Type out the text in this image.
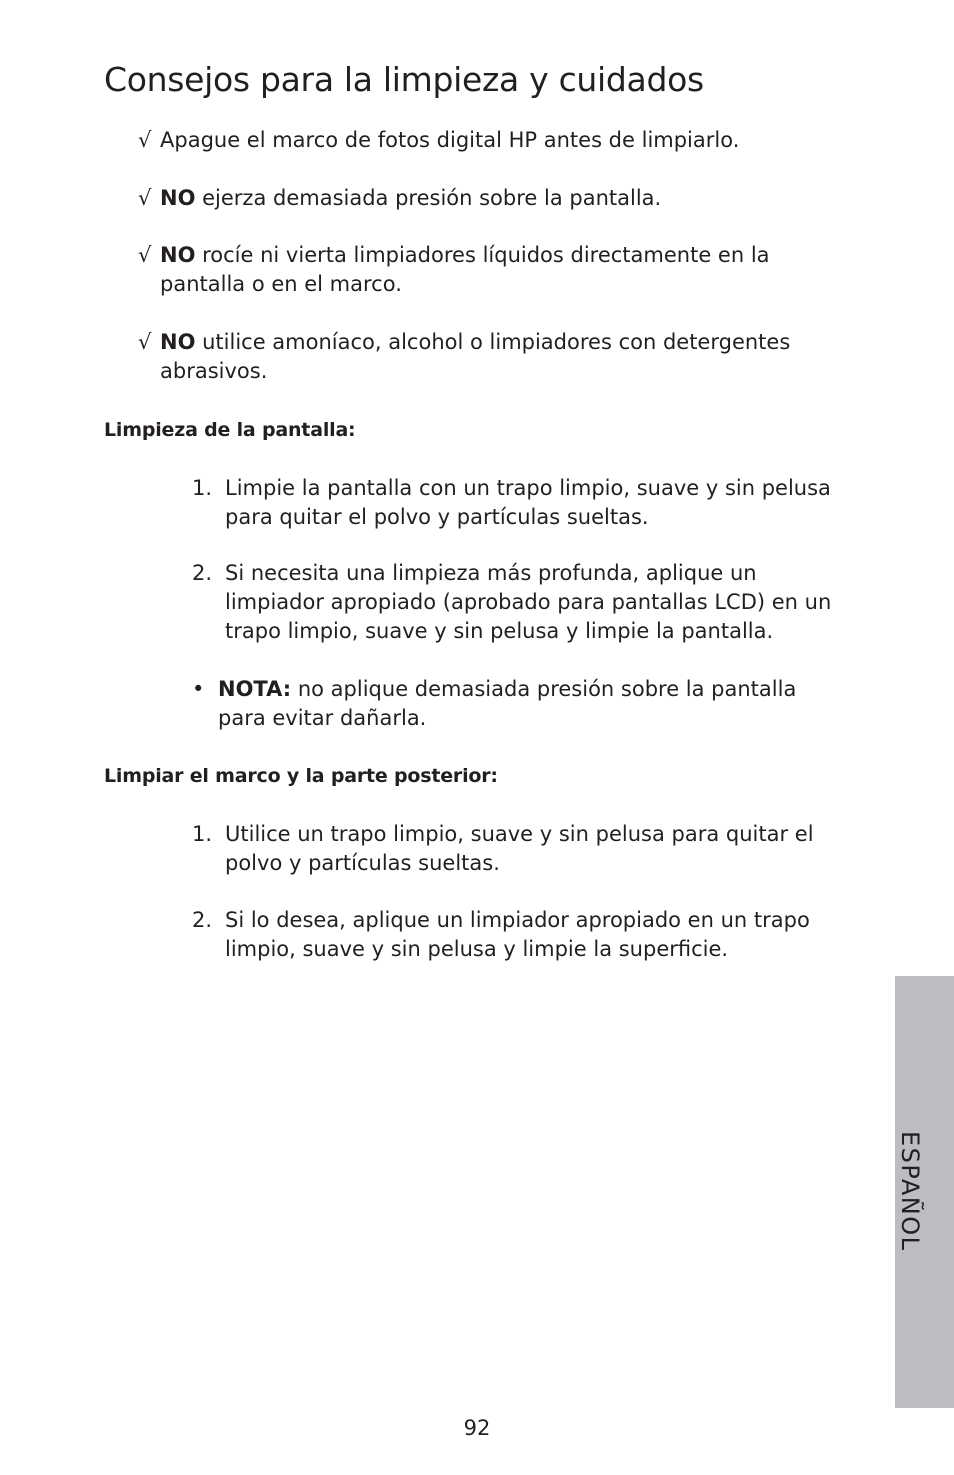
Consejos para la limpieza y cuidados
√ Apague el marco de fotos digital HP antes de limpiarlo.
√ NO ejerza demasiada presión sobre la pantalla.
√ NO rocíe ni vierta limpiadores líquidos directamente en la pantalla o en el marco.
√ NO utilice amoníaco, alcohol o limpiadores con detergentes abrasivos.
Limpieza de la pantalla:
1. Limpie la pantalla con un trapo limpio, suave y sin pelusa para quitar el polvo y partículas sueltas.
2. Si necesita una limpieza más profunda, aplique un limpiador apropiado (aprobado para pantallas LCD) en un trapo limpio, suave y sin pelusa y limpie la pantalla.
• NOTA: no aplique demasiada presión sobre la pantalla para evitar dañarla.
Limpiar el marco y la parte posterior:
1. Utilice un trapo limpio, suave y sin pelusa para quitar el polvo y partículas sueltas.
2. Si lo desea, aplique un limpiador apropiado en un trapo limpio, suave y sin pelusa y limpie la superficie.
ESPAÑOL
92
